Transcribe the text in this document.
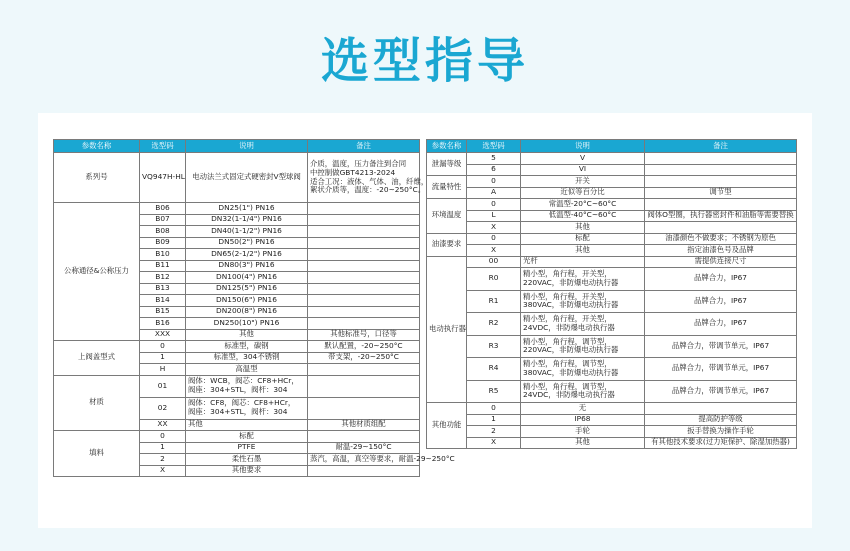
选型指导
参数名称	选型码	说明	备注
系列号	VQ947H-HL	电动法兰式固定式硬密封V型球阀	介质，温度，压力备注到合同
中控制做GBT4213-2024
适合工况：液体、气体、油，纤维，
絮状介质等，温度：-20~250°C。
公称通径&公称压力	B06	DN25(1") PN16	
	B07	DN32(1-1/4") PN16	
	B08	DN40(1-1/2") PN16	
	B09	DN50(2") PN16	
	B10	DN65(2-1/2") PN16	
	B11	DN80(3") PN16	
	B12	DN100(4") PN16	
	B13	DN125(5") PN16	
	B14	DN150(6") PN16	
	B15	DN200(8") PN16	
	B16	DN250(10") PN16	
	XXX	其他	其他标准号，口径等
上阀盖型式	0	标准型，碳钢	默认配置，-20~250°C
	1	标准型，304不锈钢	带支架，-20~250°C
	H	高温型	
材质	01	阀体：WCB，阀芯：CF8+HCr，
阀座：304+STL，阀杆：304	
	02	阀体：CF8，阀芯：CF8+HCr，
阀座：304+STL，阀杆：304	
	XX	其他	其他材质组配
填料	0	标配	
	1	PTFE	耐温-29~150°C
	2	柔性石墨	蒸汽，高温，真空等要求，耐温-29~250°C
	X	其他要求	
参数名称	选型码	说明	备注
泄漏等级	5	V	
	6	VI	
流量特性	0	开关	
	A	近似等百分比	调节型
环境温度	0	常温型-20°C~60°C	
	L	低温型-40°C~60°C	阀体O型圈，执行器密封件和油脂等需要替换
	X	其他	
油漆要求	0	标配	油漆颜色不做要求；不锈钢为原色
	X	其他	指定油漆色号及品牌
电动执行器	00	光杆	需提供连接尺寸
	R0	精小型，角行程，开关型，
220VAC，非防爆电动执行器	品牌合力，IP67
	R1	精小型，角行程，开关型，
380VAC，非防爆电动执行器	品牌合力，IP67
	R2	精小型，角行程，开关型，
24VDC，非防爆电动执行器	品牌合力，IP67
	R3	精小型，角行程，调节型，
220VAC，非防爆电动执行器	品牌合力，带调节单元，IP67
	R4	精小型，角行程，调节型，
380VAC，非防爆电动执行器	品牌合力，带调节单元，IP67
	R5	精小型，角行程，调节型，
24VDC，非防爆电动执行器	品牌合力，带调节单元，IP67
其他功能	0	无	
	1	IP68	提高防护等级
	2	手轮	扳手替换为操作手轮
	X	其他	有其他技术要求(过力矩保护、除湿加热器)
